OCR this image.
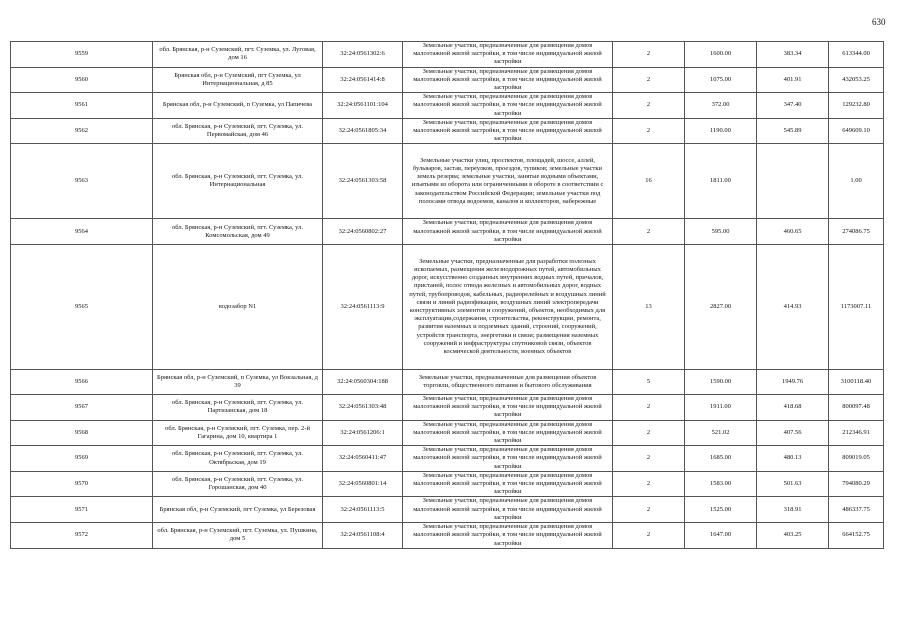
630
9559	обл. Брянская, р-н Суземский, пгт. Суземка, ул. Луговая, дом 16	32:24:0561302:6	Земельные участки, предназначенные для размещения домов малоэтажной жилой застройки, в том числе индивидуальной жилой застройки	2	1600.00	383.34	613344.00
9560	Брянская обл, р-н Суземский, пгт Суземка, ул Интернациональная, д 85	32:24:0561414:8	Земельные участки, предназначенные для размещения домов малоэтажной жилой застройки, в том числе индивидуальной жилой застройки	2	1075.00	401.91	432053.25
9561	Брянская обл, р-н Суземский, п Суземка, ул Папичева	32:24:0561101:104	Земельные участки, предназначенные для размещения домов малоэтажной жилой застройки, в том числе индивидуальной жилой застройки	2	372.00	347.40	129232.80
9562	обл. Брянская, р-н Суземский, пгт. Суземка, ул. Первомайская, дом 46	32:24:0561805:34	Земельные участки, предназначенные для размещения домов малоэтажной жилой застройки, в том числе индивидуальной жилой застройки	2	1190.00	545.89	649609.10
9563	обл. Брянская, р-н Суземский, пгт. Суземка, ул. Интернациональная	32:24:0561303:58	Земельные участки улиц, проспектов, площадей, шоссе, аллей, бульваров, застав, переулков, проездов, тупиков; земельные участки земель резерва; земельные участки, занятые водными объектами, изъятыми из оборота или ограниченными в обороте в соответствии с законодательством Российской Федерации; земельные участки под полосами отвода водоемов, каналов и коллекторов, набережные	16	1811.00		1.00
9564	обл. Брянская, р-н Суземский, пгт. Суземка, ул. Комсомольская, дом 49	32:24:0560802:27	Земельные участки, предназначенные для размещения домов малоэтажной жилой застройки, в том числе индивидуальной жилой застройки	2	595.00	460.65	274086.75
9565	водозабор N1	32:24:0561113:9	Земельные участки, предназначенные для разработки полезных ископаемых, размещения железнодорожных путей, автомобильных дорог, искусственно созданных внутренних водных путей, причалов, пристаней, полос отвода железных и автомобильных дорог, водных путей, трубопроводов, кабельных, радиорелейных и воздушных линий связи и линий радиофикации, воздушных линий электропередачи конструктивных элементов и сооружений, объектов, необходимых для эксплуатации,содержания, строительства, реконструкции, ремонта, развития наземных и подземных зданий, строений, сооружений, устройств транспорта, энергетики и связи; размещения наземных сооружений и инфраструктуры спутниковой связи, объектов космической деятельности, военных объектов	13	2827.00	414.93	1173007.11
9566	Брянская обл, р-н Суземский, п Суземка, ул Вокзальная, д 39	32:24:0560304:188	Земельные участки, предназначенные для размещения объектов торговли, общественного питания и бытового обслуживания	5	1590.00	1949.76	3100118.40
9567	обл. Брянская, р-н Суземский, пгт. Суземка, ул. Партизанская, дом 18	32:24:0561303:48	Земельные участки, предназначенные для размещения домов малоэтажной жилой застройки, в том числе индивидуальной жилой застройки	2	1911.00	418.68	800097.48
9568	обл. Брянская, р-н Суземский, пгт. Суземка, пер. 2-й Гагарина, дом 10, квартира 1	32:24:0561206:1	Земельные участки, предназначенные для размещения домов малоэтажной жилой застройки, в том числе индивидуальной жилой застройки	2	521.02	407.56	212346.91
9569	обл. Брянская, р-н Суземский, пгт. Суземка, ул. Октябрьская, дом 19	32:24:0560411:47	Земельные участки, предназначенные для размещения домов малоэтажной жилой застройки, в том числе индивидуальной жилой застройки	2	1685.00	480.13	809019.05
9570	обл. Брянская, р-н Суземский, пгт. Суземка, ул. Горошанская, дом 40	32:24:0560801:14	Земельные участки, предназначенные для размещения домов малоэтажной жилой застройки, в том числе индивидуальной жилой застройки	2	1583.00	501.63	794080.29
9571	Брянская обл, р-н Суземский, пгт Суземка, ул Березовая	32:24:0561113:5	Земельные участки, предназначенные для размещения домов малоэтажной жилой застройки, в том числе индивидуальной жилой застройки	2	1525.00	318.91	486337.75
9572	обл. Брянская, р-н Суземский, пгт. Суземка, ул. Пушкина, дом 5	32:24:0561108:4	Земельные участки, предназначенные для размещения домов малоэтажной жилой застройки, в том числе индивидуальной жилой застройки	2	1647.00	403.25	664152.75
